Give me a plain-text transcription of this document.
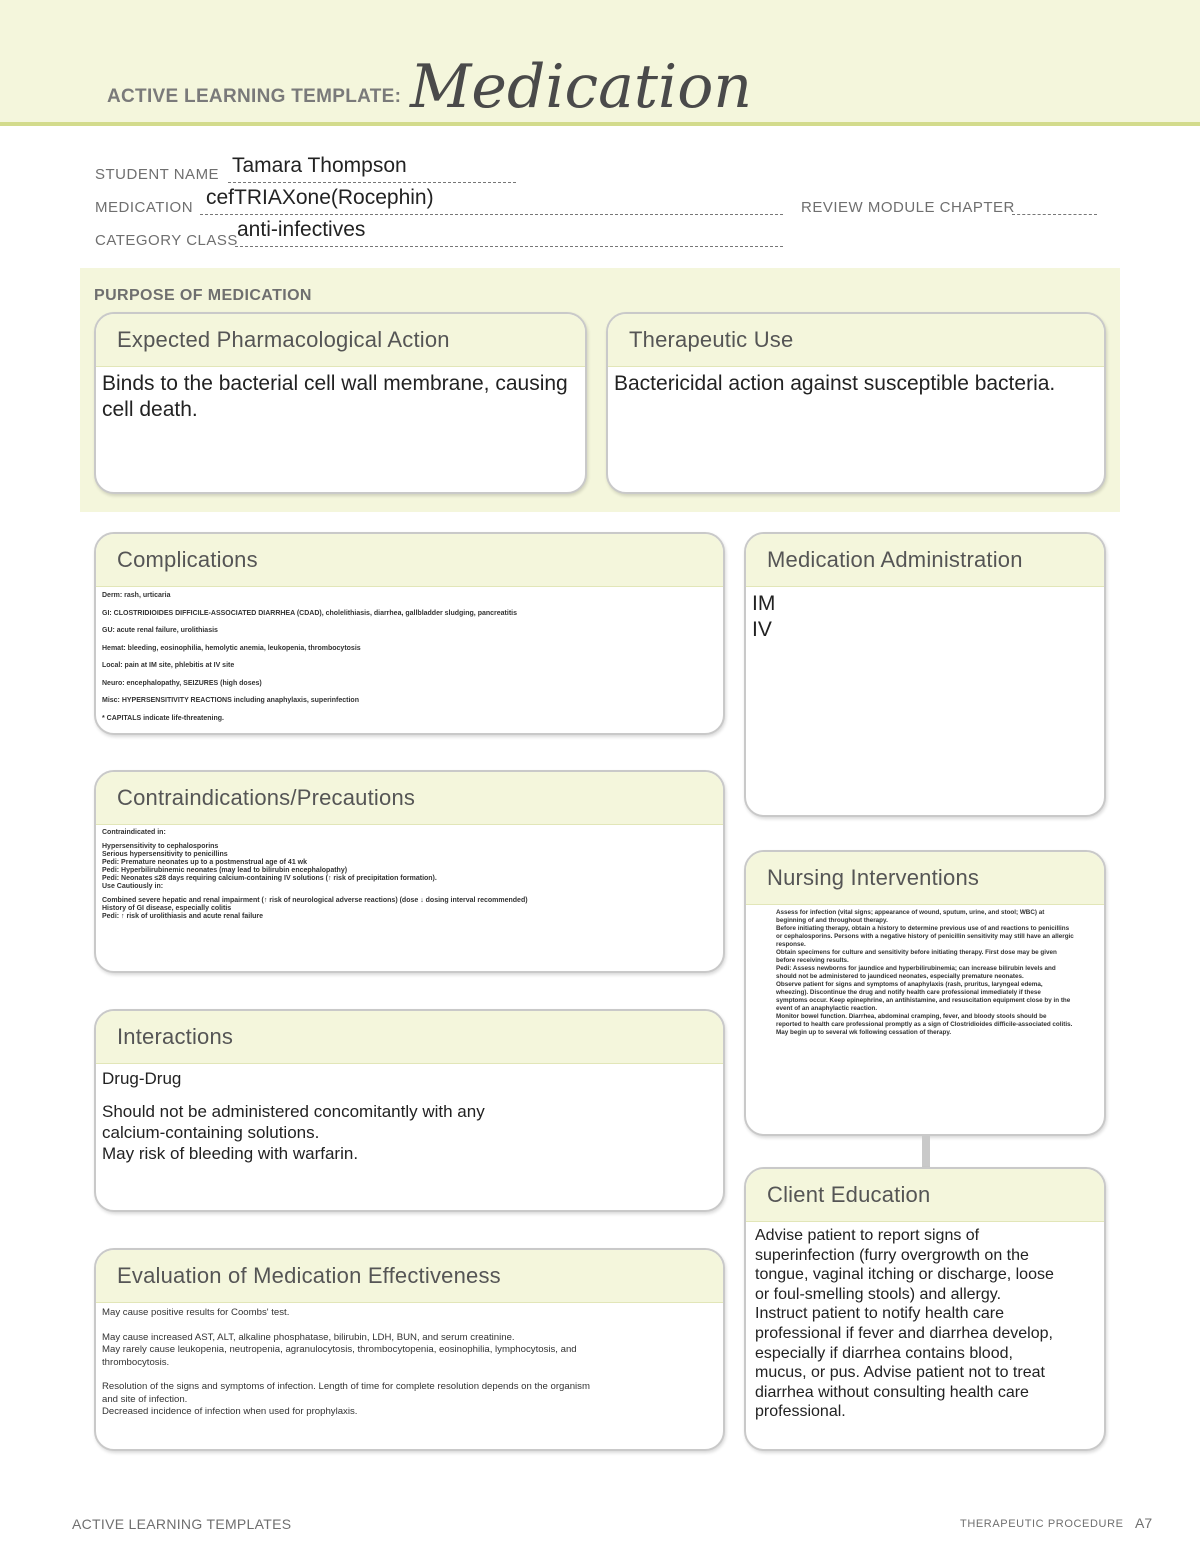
ACTIVE LEARNING TEMPLATE: Medication
STUDENT NAME Tamara Thompson
MEDICATION cefTRIAXone(Rocephin)	REVIEW MODULE CHAPTER
CATEGORY CLASS anti-infectives
PURPOSE OF MEDICATION
Expected Pharmacological Action
Binds to the bacterial cell wall membrane, causing cell death.
Therapeutic Use
Bactericidal action against susceptible bacteria.
Complications
Derm: rash, urticaria
GI: CLOSTRIDIOIDES DIFFICILE-ASSOCIATED DIARRHEA (CDAD), cholelithiasis, diarrhea, gallbladder sludging, pancreatitis
GU: acute renal failure, urolithiasis
Hemat: bleeding, eosinophilia, hemolytic anemia, leukopenia, thrombocytosis
Local: pain at IM site, phlebitis at IV site
Neuro: encephalopathy, SEIZURES (high doses)
Misc: HYPERSENSITIVITY REACTIONS including anaphylaxis, superinfection
* CAPITALS indicate life-threatening.
Medication Administration
IM
IV
Contraindications/Precautions
Contraindicated in:
Hypersensitivity to cephalosporins
Serious hypersensitivity to penicillins
Pedi: Premature neonates up to a postmenstrual age of 41 wk
Pedi: Hyperbilirubinemic neonates (may lead to bilirubin encephalopathy)
Pedi: Neonates ≤28 days requiring calcium-containing IV solutions (↑ risk of precipitation formation).
Use Cautiously in:
Combined severe hepatic and renal impairment (↑ risk of neurological adverse reactions) (dose ↓ dosing interval recommended)
History of GI disease, especially colitis
Pedi: ↑ risk of urolithiasis and acute renal failure
Nursing Interventions
Assess for infection (vital signs; appearance of wound, sputum, urine, and stool; WBC) at
beginning of and throughout therapy.
Before initiating therapy, obtain a history to determine previous use of and reactions to penicillins
or cephalosporins. Persons with a negative history of penicillin sensitivity may still have an allergic
response.
Obtain specimens for culture and sensitivity before initiating therapy. First dose may be given
before receiving results.
Pedi: Assess newborns for jaundice and hyperbilirubinemia; can increase bilirubin levels and
should not be administered to jaundiced neonates, especially premature neonates.
Observe patient for signs and symptoms of anaphylaxis (rash, pruritus, laryngeal edema,
wheezing). Discontinue the drug and notify health care professional immediately if these
symptoms occur. Keep epinephrine, an antihistamine, and resuscitation equipment close by in the
event of an anaphylactic reaction.
Monitor bowel function. Diarrhea, abdominal cramping, fever, and bloody stools should be
reported to health care professional promptly as a sign of Clostridioides difficile-associated colitis.
May begin up to several wk following cessation of therapy.
Interactions
Drug-Drug
Should not be administered concomitantly with any
calcium-containing solutions.
May risk of bleeding with warfarin.
Client Education
Advise patient to report signs of
superinfection (furry overgrowth on the
tongue, vaginal itching or discharge, loose
or foul-smelling stools) and allergy.
Instruct patient to notify health care
professional if fever and diarrhea develop,
especially if diarrhea contains blood,
mucus, or pus. Advise patient not to treat
diarrhea without consulting health care
professional.
Evaluation of Medication Effectiveness
May cause positive results for Coombs' test.
May cause increased AST, ALT, alkaline phosphatase, bilirubin, LDH, BUN, and serum creatinine.
May rarely cause leukopenia, neutropenia, agranulocytosis, thrombocytopenia, eosinophilia, lymphocytosis, and
thrombocytosis.
Resolution of the signs and symptoms of infection. Length of time for complete resolution depends on the organism
and site of infection.
Decreased incidence of infection when used for prophylaxis.
ACTIVE LEARNING TEMPLATES	THERAPEUTIC PROCEDURE A7
